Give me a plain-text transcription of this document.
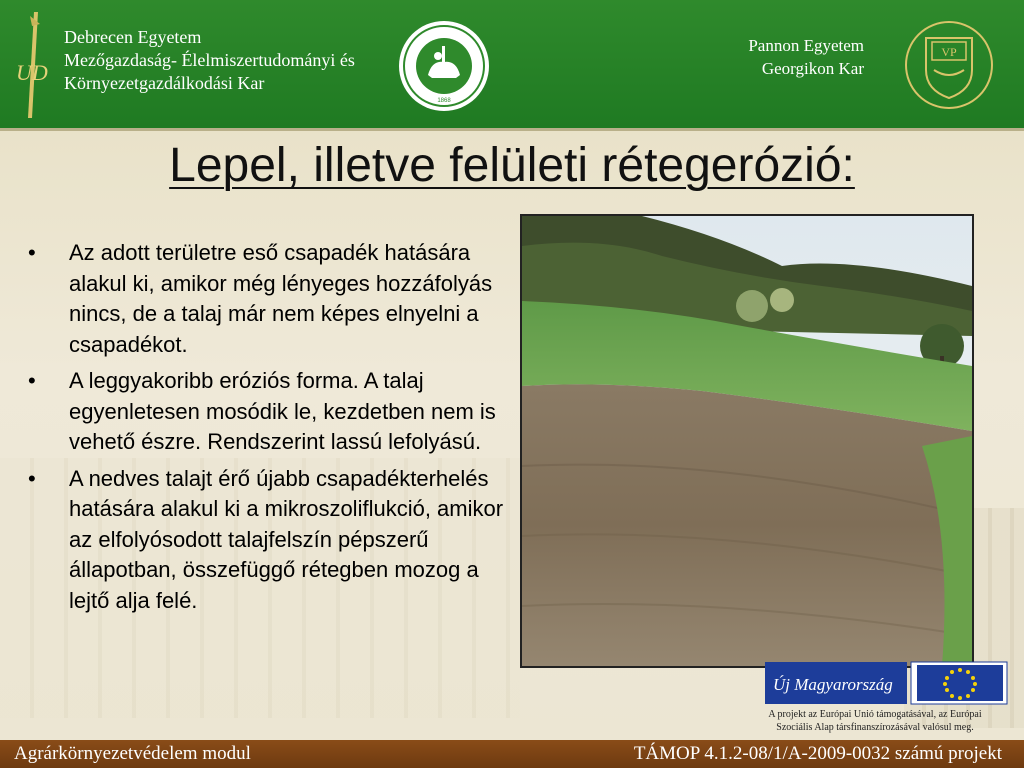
UD
Debrecen Egyetem
Mezőgazdaság- Élelmiszertudományi és
Környezetgazdálkodási Kar
1868
Pannon Egyetem
Georgikon Kar
VP
Lepel, illetve felületi rétegerózió:
• Az adott területre eső csapadék hatására alakul ki, amikor még lényeges hozzáfolyás nincs, de a talaj már nem képes elnyelni a csapadékot.
• A leggyakoribb eróziós forma. A talaj egyenletesen mosódik le, kezdetben nem is vehető észre. Rendszerint lassú lefolyású.
• A nedves talajt érő újabb csapadékterhelés hatására alakul ki a mikroszoliflukció, amikor az elfolyósodott talajfelszín pépszerű állapotban, összefüggő rétegben mozog a lejtő alja felé.
Új Magyarország
A projekt az Európai Unió támogatásával, az Európai
Szociális Alap társfinanszírozásával valósul meg.
Agrárkörnyezetvédelem modul	TÁMOP 4.1.2-08/1/A-2009-0032 számú projekt
